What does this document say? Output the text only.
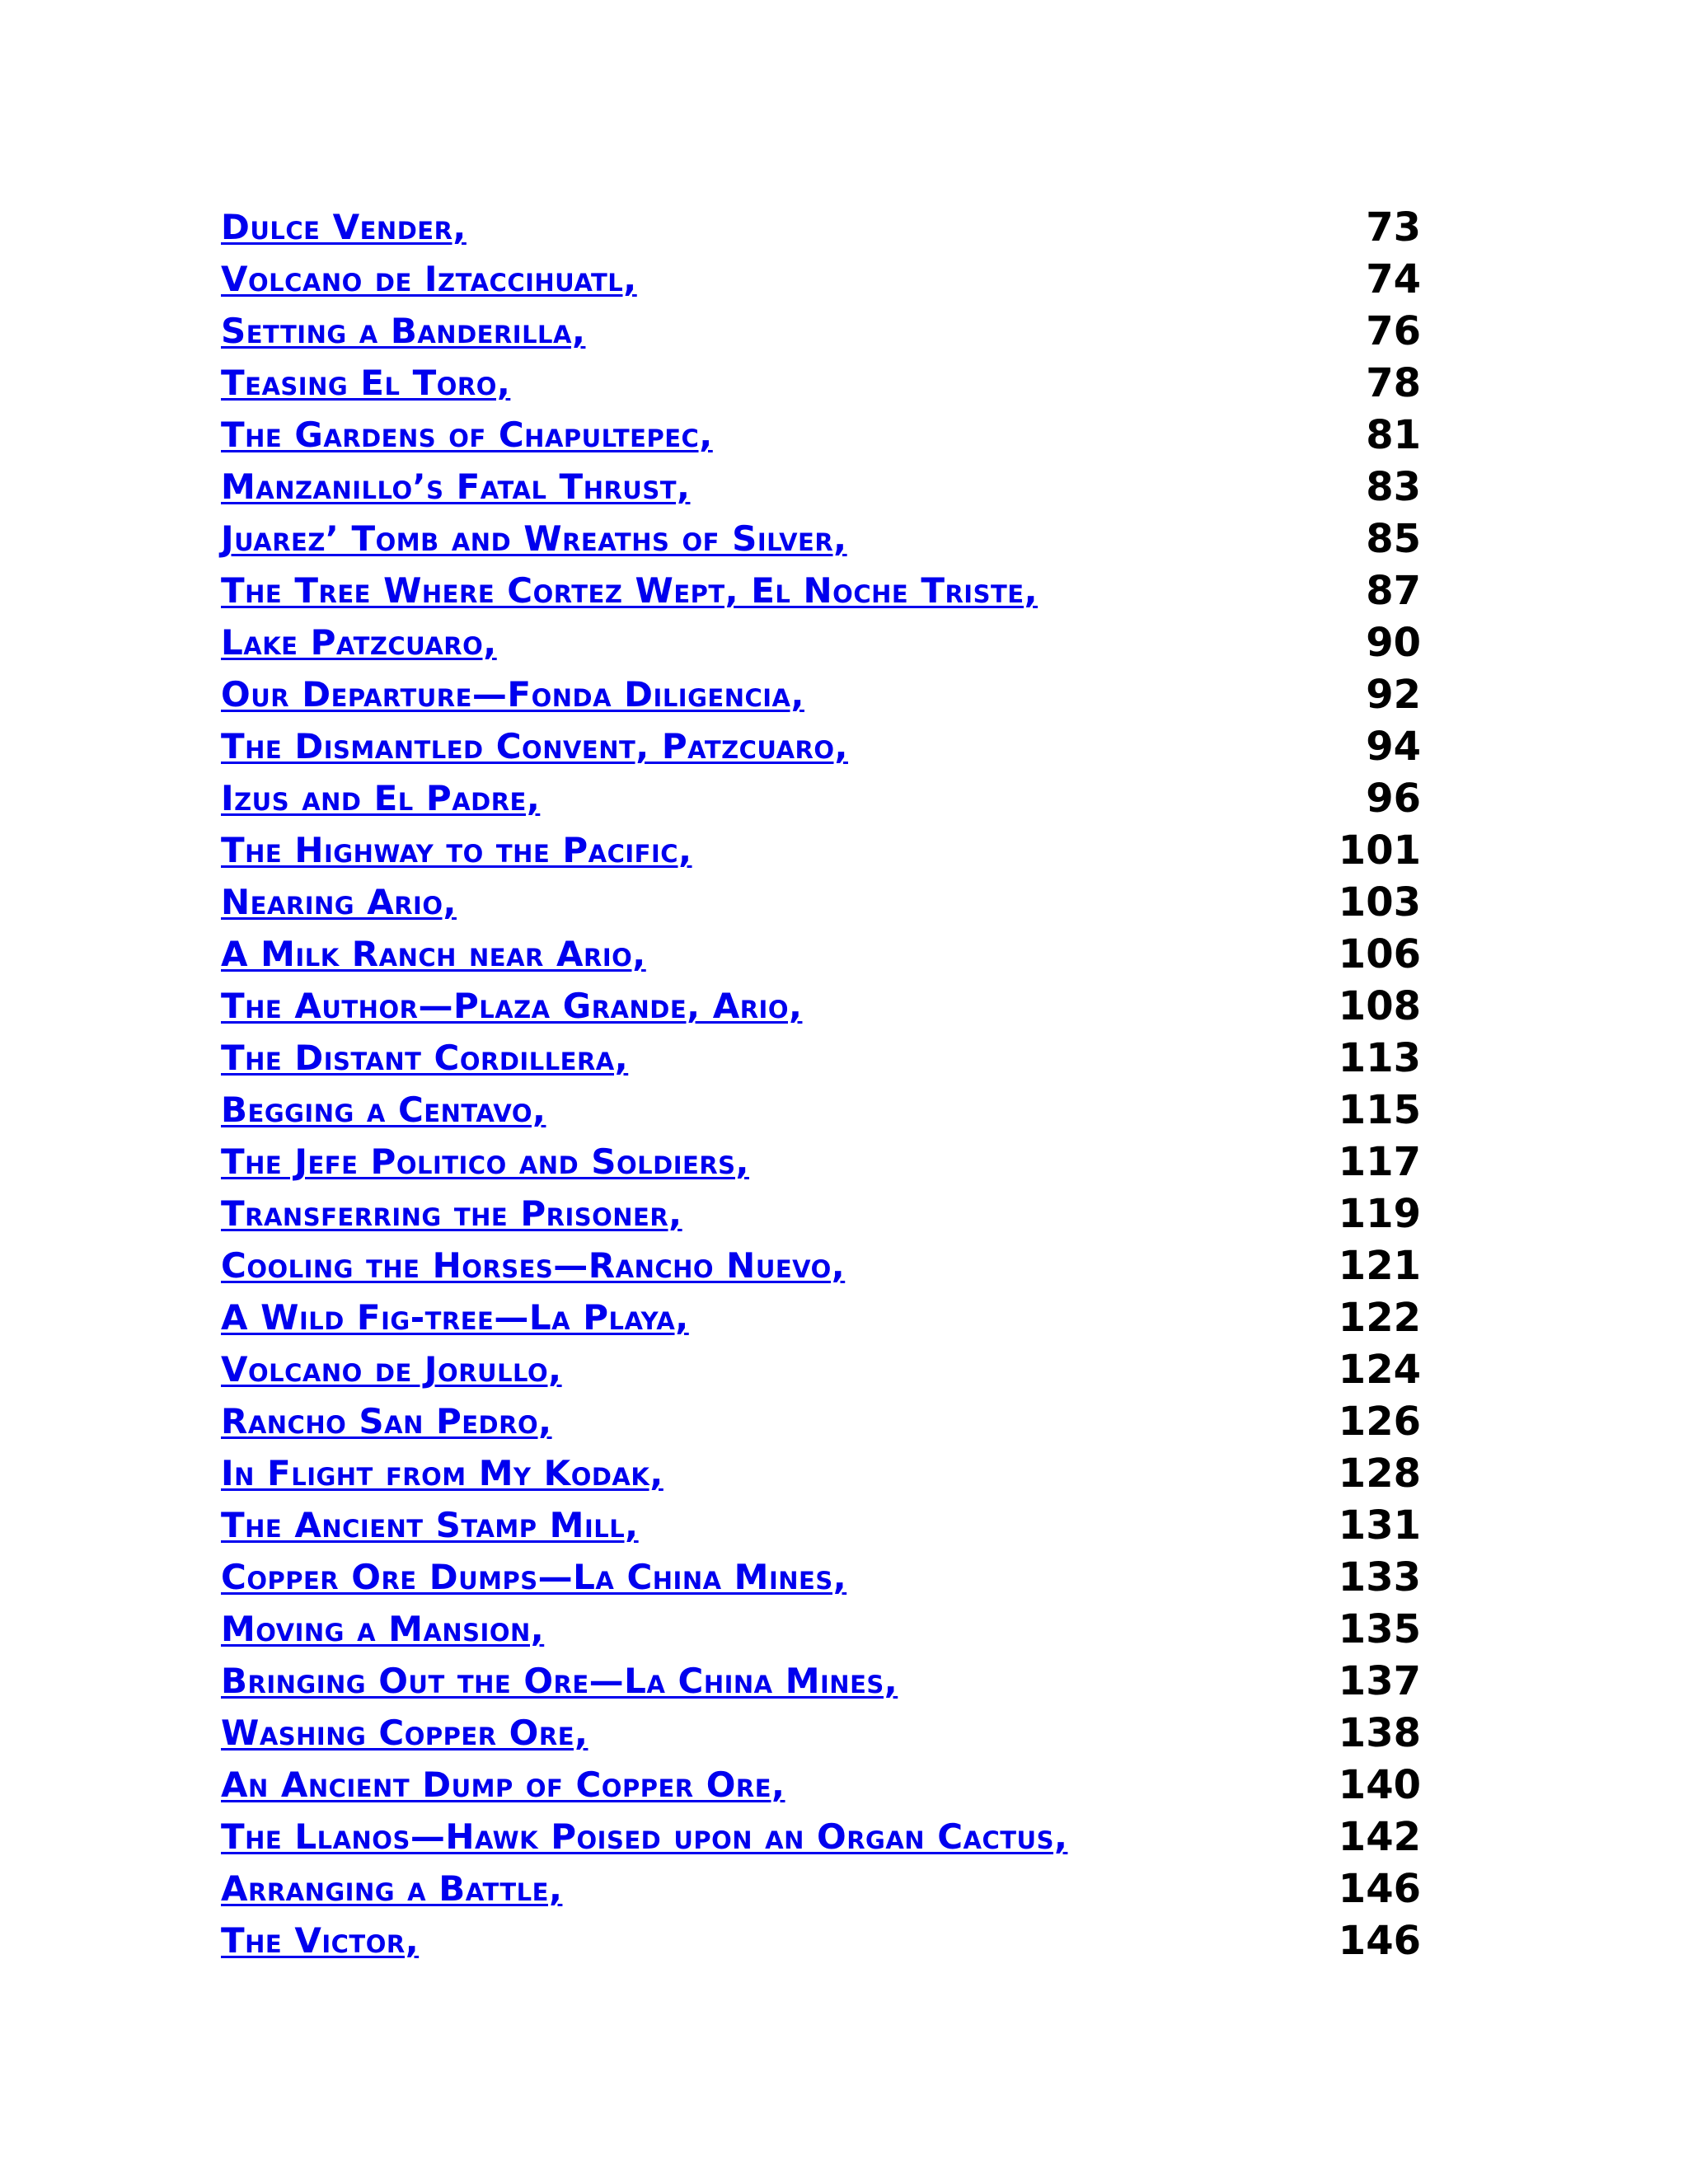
Dulce Vender,	73
Volcano de Iztaccihuatl,	74
Setting a Banderilla,	76
Teasing El Toro,	78
The Gardens of Chapultepec,	81
Manzanillo’s Fatal Thrust,	83
Juarez’ Tomb and Wreaths of Silver,	85
The Tree Where Cortez Wept, El Noche Triste,	87
Lake Patzcuaro,	90
Our Departure—Fonda Diligencia,	92
The Dismantled Convent, Patzcuaro,	94
Izus and El Padre,	96
The Highway to the Pacific,	101
Nearing Ario,	103
A Milk Ranch near Ario,	106
The Author—Plaza Grande, Ario,	108
The Distant Cordillera,	113
Begging a Centavo,	115
The Jefe Politico and Soldiers,	117
Transferring the Prisoner,	119
Cooling the Horses—Rancho Nuevo,	121
A Wild Fig-tree—La Playa,	122
Volcano de Jorullo,	124
Rancho San Pedro,	126
In Flight from My Kodak,	128
The Ancient Stamp Mill,	131
Copper Ore Dumps—La China Mines,	133
Moving a Mansion,	135
Bringing Out the Ore—La China Mines,	137
Washing Copper Ore,	138
An Ancient Dump of Copper Ore,	140
The Llanos—Hawk Poised upon an Organ Cactus,	142
Arranging a Battle,	146
The Victor,	146
